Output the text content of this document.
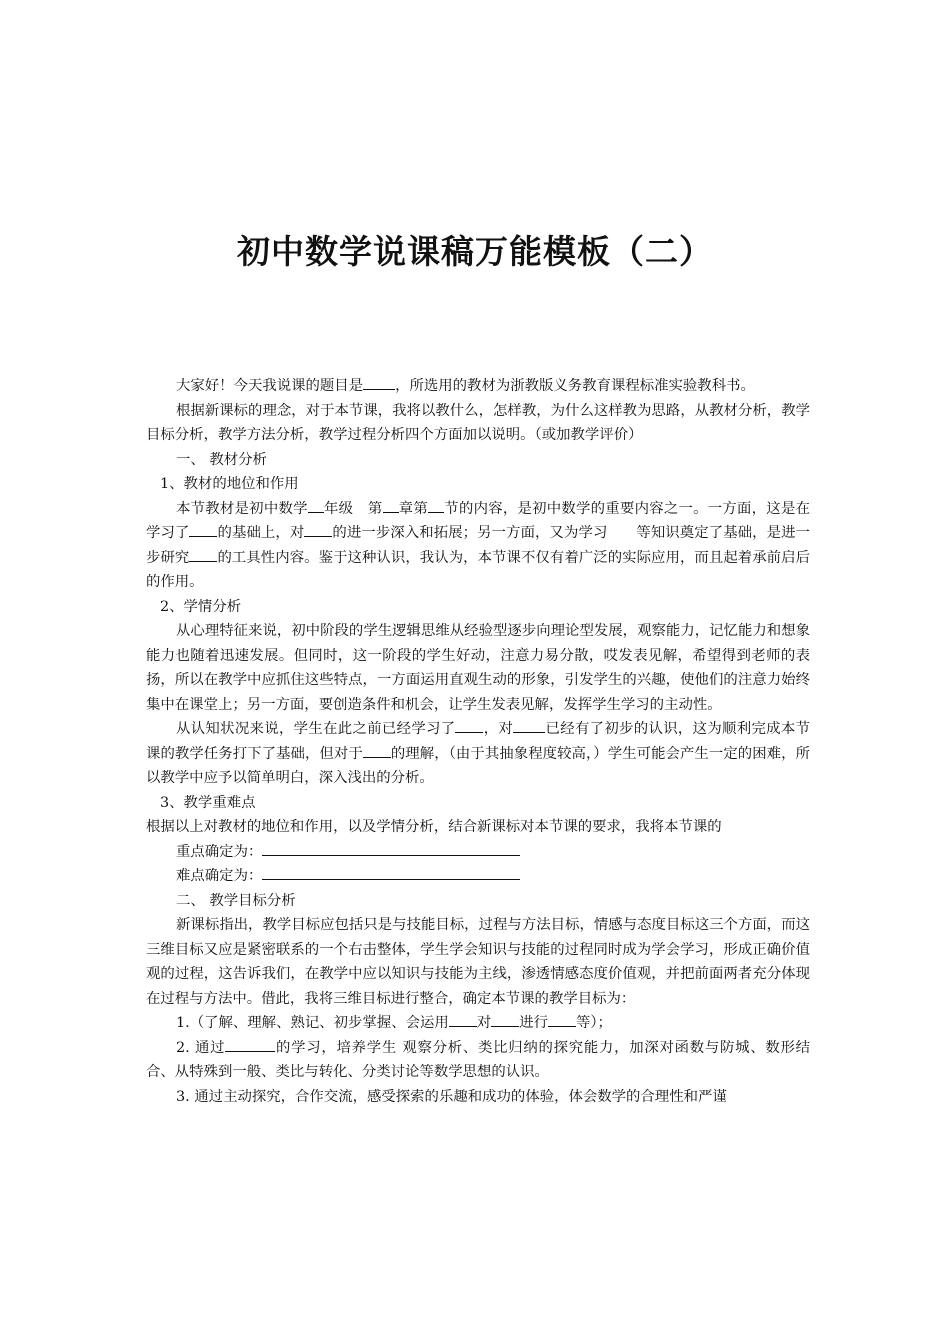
初中数学说课稿万能模板（二）

大家好！今天我说课的题目是 ，所选用的教材为浙教版义务教育课程标准实验教科书。

根据新课标的理念，对于本节课，我将以教什么，怎样教，为什么这样教为思路，从教材分析，教学目标分析，教学方法分析，教学过程分析四个方面加以说明。（或加教学评价）

一、 教材分析

1、教材的地位和作用

本节教材是初中数学 年级　第 章第 节的内容，是初中数学的重要内容之一。一方面，这是在学习了 的基础上，对 的进一步深入和拓展；另一方面，又为学习　　等知识奠定了基础，是进一步研究 的工具性内容。鉴于这种认识，我认为，本节课不仅有着广泛的实际应用，而且起着承前启后的作用。

2、学情分析

从心理特征来说，初中阶段的学生逻辑思维从经验型逐步向理论型发展，观察能力，记忆能力和想象能力也随着迅速发展。但同时，这一阶段的学生好动，注意力易分散，哎发表见解，希望得到老师的表扬，所以在教学中应抓住这些特点，一方面运用直观生动的形象，引发学生的兴趣，使他们的注意力始终集中在课堂上；另一方面，要创造条件和机会，让学生发表见解，发挥学生学习的主动性。

从认知状况来说，学生在此之前已经学习了 ，对 已经有了初步的认识，这为顺利完成本节课的教学任务打下了基础，但对于 的理解，（由于其抽象程度较高，）学生可能会产生一定的困难，所以教学中应予以简单明白，深入浅出的分析。

3、教学重难点

根据以上对教材的地位和作用，以及学情分析，结合新课标对本节课的要求，我将本节课的

重点确定为：

难点确定为：

二、 教学目标分析

新课标指出，教学目标应包括只是与技能目标，过程与方法目标，情感与态度目标这三个方面，而这三维目标又应是紧密联系的一个右击整体，学生学会知识与技能的过程同时成为学会学习，形成正确价值观的过程，这告诉我们，在教学中应以知识与技能为主线，渗透情感态度价值观，并把前面两者充分体现在过程与方法中。借此，我将三维目标进行整合，确定本节课的教学目标为：

1.（了解、理解、熟记、初步掌握、会运用 对 进行 等）；

2. 通过	的学习，培养学生 观察分析、类比归纳的探究能力，加深对函数与防城、数形结合、从特殊到一般、类比与转化、分类讨论等数学思想的认识。

3. 通过主动探究，合作交流，感受探索的乐趣和成功的体验，体会数学的合理性和严谨
